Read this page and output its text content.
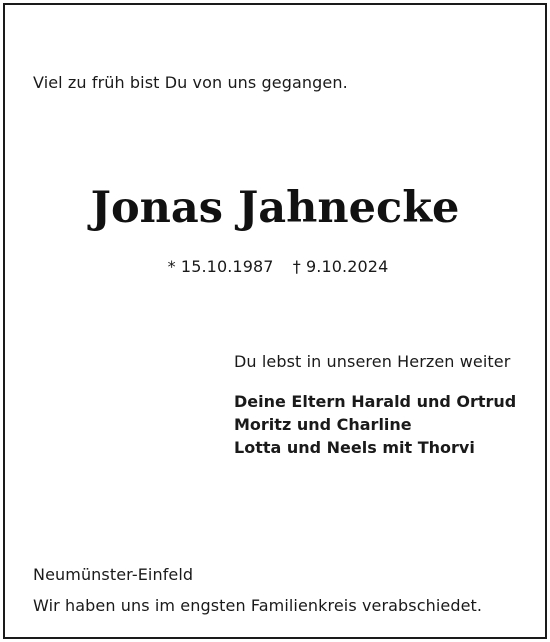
Viel zu früh bist Du von uns gegangen.
Jonas Jahnecke
* 15.10.1987 † 9.10.2024
Du lebst in unseren Herzen weiter
Deine Eltern Harald und Ortrud
Moritz und Charline
Lotta und Neels mit Thorvi
Neumünster-Einfeld
Wir haben uns im engsten Familienkreis verabschiedet.
